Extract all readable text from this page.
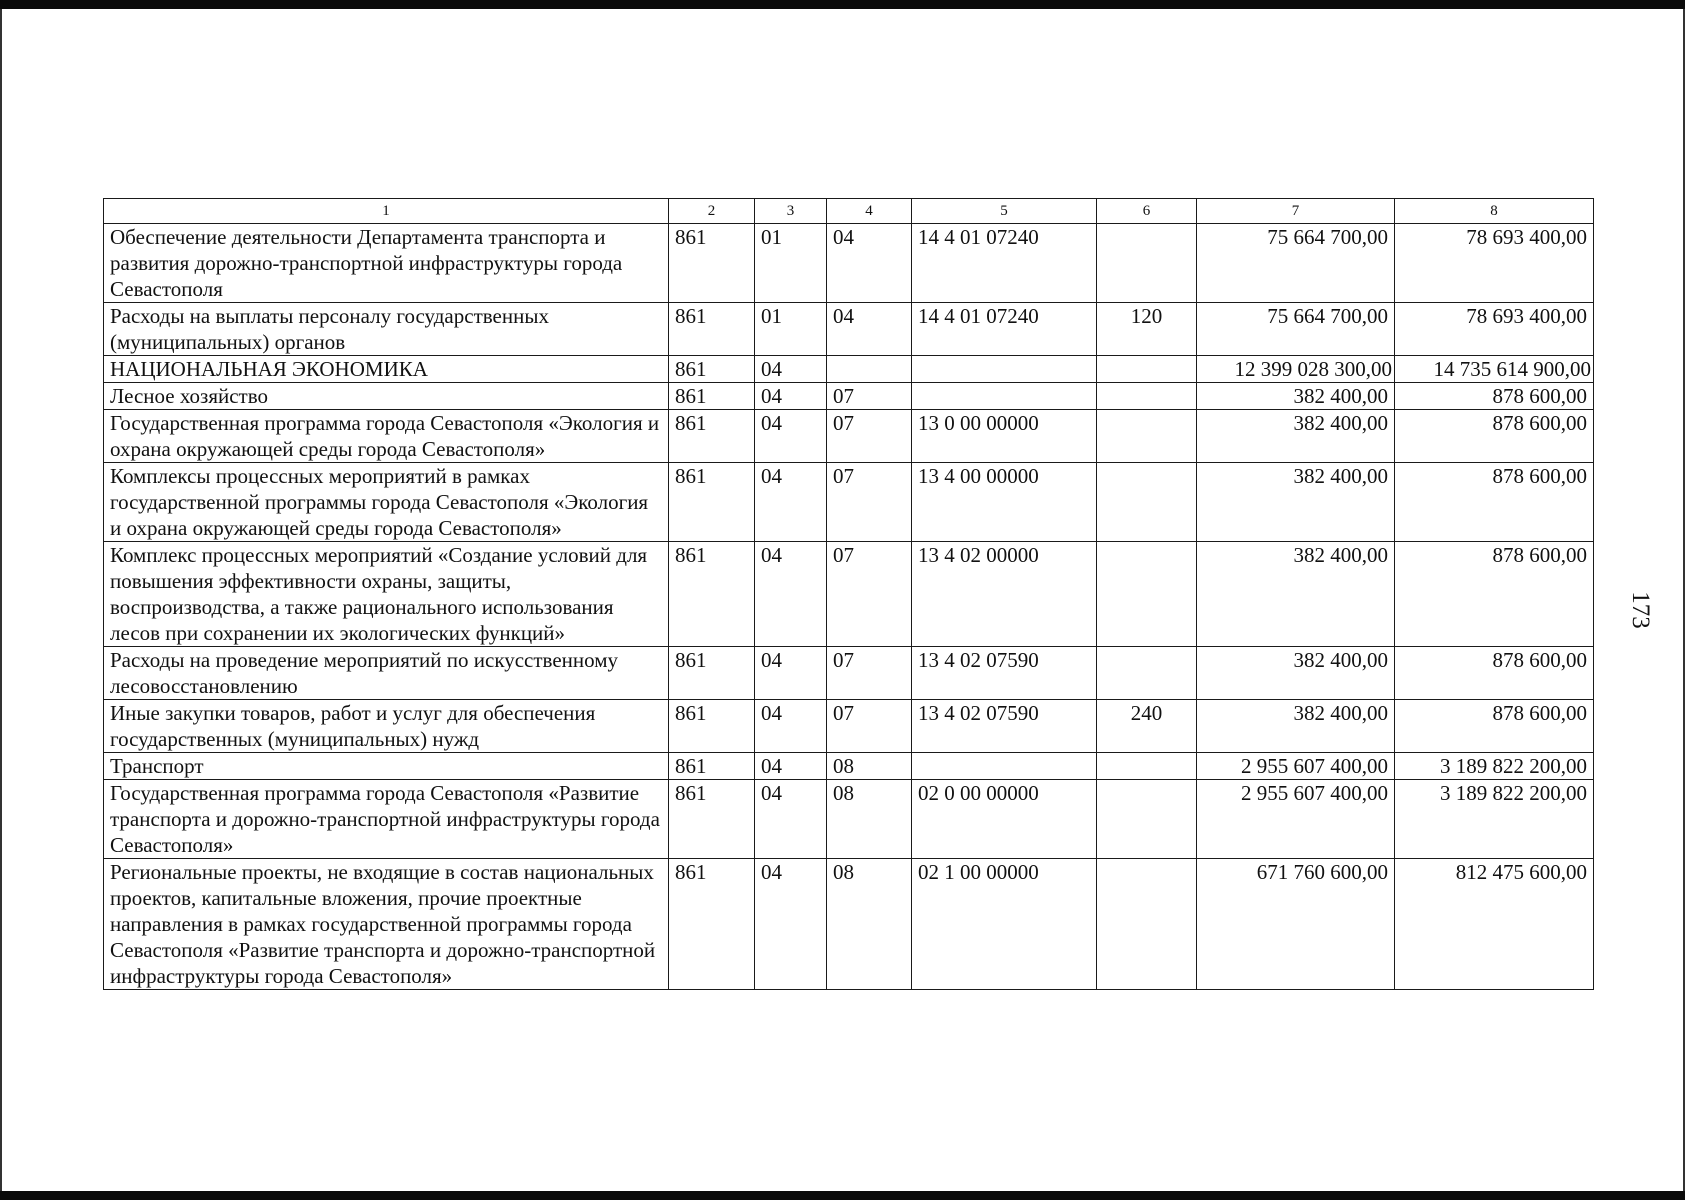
173
1	2	3	4	5	6	7	8
Обеспечение деятельности Департамента транспорта и развития дорожно-транспортной инфраструктуры города Севастополя	861	01	04	14 4 01 07240		75 664 700,00	78 693 400,00
Расходы на выплаты персоналу государственных (муниципальных) органов	861	01	04	14 4 01 07240	120	75 664 700,00	78 693 400,00
НАЦИОНАЛЬНАЯ ЭКОНОМИКА	861	04				12 399 028 300,00	14 735 614 900,00
Лесное хозяйство	861	04	07			382 400,00	878 600,00
Государственная программа города Севастополя «Экология и охрана окружающей среды города Севастополя»	861	04	07	13 0 00 00000		382 400,00	878 600,00
Комплексы процессных мероприятий в рамках государственной программы города Севастополя «Экология и охрана окружающей среды города Севастополя»	861	04	07	13 4 00 00000		382 400,00	878 600,00
Комплекс процессных мероприятий «Создание условий для повышения эффективности охраны, защиты, воспроизводства, а также рационального использования лесов при сохранении их экологических функций»	861	04	07	13 4 02 00000		382 400,00	878 600,00
Расходы на проведение мероприятий по искусственному лесовосстановлению	861	04	07	13 4 02 07590		382 400,00	878 600,00
Иные закупки товаров, работ и услуг для обеспечения государственных (муниципальных) нужд	861	04	07	13 4 02 07590	240	382 400,00	878 600,00
Транспорт	861	04	08			2 955 607 400,00	3 189 822 200,00
Государственная программа города Севастополя «Развитие транспорта и дорожно-транспортной инфраструктуры города Севастополя»	861	04	08	02 0 00 00000		2 955 607 400,00	3 189 822 200,00
Региональные проекты, не входящие в состав национальных проектов, капитальные вложения, прочие проектные направления в рамках государственной программы города Севастополя «Развитие транспорта и дорожно-транспортной инфраструктуры города Севастополя»	861	04	08	02 1 00 00000		671 760 600,00	812 475 600,00
